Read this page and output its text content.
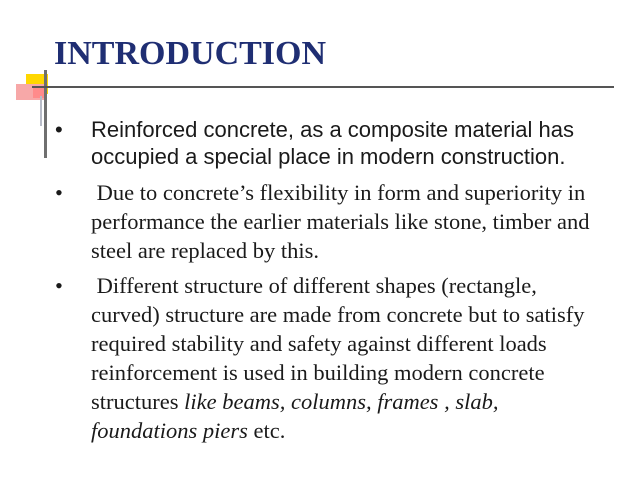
INTRODUCTION
• Reinforced concrete, as a composite material has occupied a special place in modern construction.
• Due to concrete’s flexibility in form and superiority in performance the earlier materials like stone, timber and steel are replaced by this.
• Different structure of different shapes (rectangle, curved) structure are made from concrete but to satisfy required stability and safety against different loads  reinforcement is used in building modern concrete structures like beams, columns, frames , slab, foundations piers etc.
